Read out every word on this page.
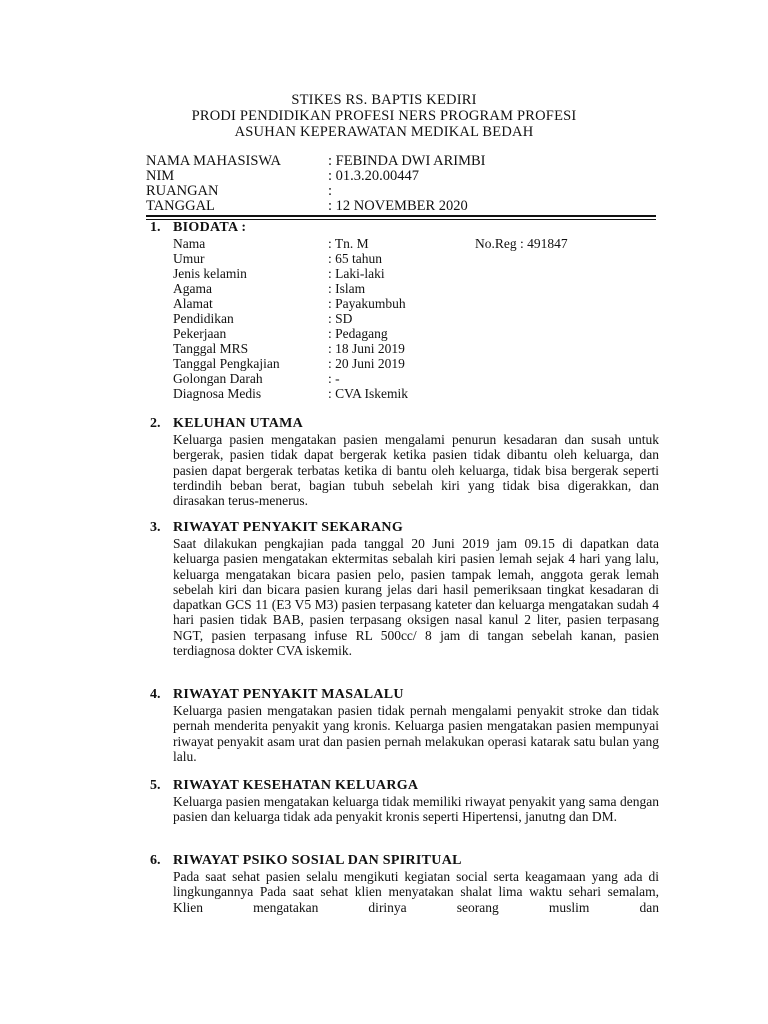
STIKES RS. BAPTIS KEDIRI
PRODI PENDIDIKAN PROFESI NERS PROGRAM PROFESI
ASUHAN KEPERAWATAN MEDIKAL BEDAH
NAMA MAHASISWA	: FEBINDA DWI ARIMBI
NIM	: 01.3.20.00447
RUANGAN	:
TANGGAL	: 12 NOVEMBER 2020
1. BIODATA :
Nama	: Tn. M	No.Reg : 491847
Umur	: 65 tahun
Jenis kelamin	: Laki-laki
Agama	: Islam
Alamat	: Payakumbuh
Pendidikan	: SD
Pekerjaan	: Pedagang
Tanggal MRS	: 18 Juni 2019
Tanggal Pengkajian	: 20 Juni 2019
Golongan Darah	: -
Diagnosa Medis	: CVA Iskemik
2. KELUHAN UTAMA
Keluarga pasien mengatakan pasien mengalami penurun kesadaran dan susah untuk bergerak, pasien tidak dapat bergerak ketika pasien tidak dibantu oleh keluarga, dan pasien dapat bergerak terbatas ketika di bantu oleh keluarga, tidak bisa bergerak seperti terdindih beban berat, bagian tubuh sebelah kiri yang tidak bisa digerakkan, dan dirasakan terus-menerus.
3. RIWAYAT PENYAKIT SEKARANG
Saat dilakukan pengkajian pada tanggal 20 Juni 2019 jam 09.15 di dapatkan data keluarga pasien mengatakan ektermitas sebalah kiri pasien lemah sejak 4 hari yang lalu, keluarga mengatakan bicara pasien pelo, pasien tampak lemah, anggota gerak lemah sebelah kiri dan bicara pasien kurang jelas dari hasil pemeriksaan tingkat kesadaran di dapatkan GCS 11 (E3 V5 M3) pasien terpasang kateter dan keluarga mengatakan sudah 4 hari pasien tidak BAB, pasien terpasang oksigen nasal kanul 2 liter, pasien terpasang NGT, pasien terpasang infuse RL 500cc/ 8 jam di tangan sebelah kanan, pasien terdiagnosa dokter CVA iskemik.
4. RIWAYAT PENYAKIT MASALALU
Keluarga pasien mengatakan pasien tidak pernah mengalami penyakit stroke dan tidak pernah menderita penyakit yang kronis. Keluarga pasien mengatakan pasien mempunyai riwayat penyakit asam urat dan pasien pernah melakukan operasi katarak satu bulan yang lalu.
5. RIWAYAT KESEHATAN KELUARGA
Keluarga pasien mengatakan keluarga tidak memiliki riwayat penyakit yang sama dengan pasien dan keluarga tidak ada penyakit kronis seperti Hipertensi, janutng dan DM.
6. RIWAYAT PSIKO SOSIAL DAN SPIRITUAL
Pada saat sehat pasien selalu mengikuti kegiatan social serta keagamaan yang ada di lingkungannya Pada saat sehat klien menyatakan shalat lima waktu sehari semalam, Klien mengatakan dirinya seorang muslim dan
